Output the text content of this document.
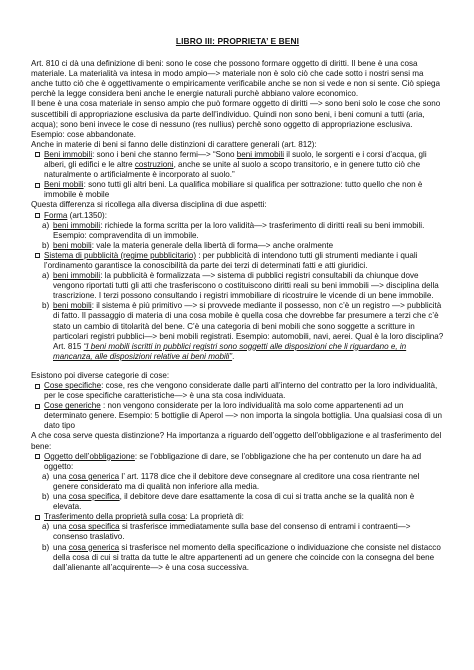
LIBRO III: PROPRIETA’ E BENI

Art. 810 ci dà una definizione di beni: sono le cose che possono formare oggetto di diritti. Il bene è una cosa materiale. La materialità va intesa in modo ampio—> materiale non è solo ciò che cade sotto i nostri sensi ma anche tutto ciò che è oggettivamente o empiricamente verificabile anche se non si vede e non si sente. Ciò spiega perchè la legge considera beni anche le energie naturali purchè abbiano valore economico.

Il bene è una cosa materiale in senso ampio che può formare oggetto di diritti —> sono beni solo le cose che sono suscettibili di appropriazione esclusiva da parte dell’individuo. Quindi non sono beni, i beni comuni a tutti (aria, acqua); sono beni invece le cose di nessuno (res nullius) perchè sono oggetto di appropriazione esclusiva. Esempio: cose abbandonate.

Anche in materie di beni si fanno delle distinzioni di carattere generali (art. 812):

Beni immobili: sono i beni che stanno fermi—> “Sono beni immobili il suolo, le sorgenti e i corsi d’acqua, gli alberi, gli edifici e le altre costruzioni, anche se unite al suolo a scopo transitorio, e in genere tutto ciò che naturalmente o artificialmente è incorporato al suolo.”
Beni mobili: sono tutti gli altri beni. La qualifica mobiliare si qualifica per sottrazione: tutto quello che non è immobile è mobile

Questa differenza si ricollega alla diversa disciplina di due aspetti:

Forma (art.1350):
a) beni immobili: richiede la forma scritta per la loro validità—> trasferimento di diritti reali su beni immobili. Esempio: compravendita di un immobile.
b) beni mobili: vale la materia generale della libertà di forma—> anche oralmente
Sistema di pubblicità (regime pubblicitario) : per pubblicità di intendono tutti gli strumenti mediante i quali l’ordinamento garantisce la conoscibilità da parte dei terzi di determinati fatti e atti giuridici.
a) beni immobili: la pubblicità è formalizzata —> sistema di pubblici registri consultabili da chiunque dove vengono riportati tutti gli atti che trasferiscono o costituiscono diritti reali su beni immobili —> disciplina della trascrizione. I terzi possono consultando i registri immobiliare di ricostruire le vicende di un bene immobile.
b) beni mobili: il sistema è più primitivo —> si provvede mediante il possesso, non c’è un registro —> pubblicità di fatto. Il passaggio di materia di una cosa mobile è quella cosa che dovrebbe far presumere a terzi che c’è stato un cambio di titolarità del bene. C’è una categoria di beni mobili che sono soggette a scritture in particolari registri pubblici—> beni mobili registrati. Esempio: automobili, navi, aerei. Qual è la loro disciplina? Art. 815 “I beni mobili iscritti in pubblici registri sono soggetti alle disposizioni che li riguardano e, in mancanza, alle disposizioni relative ai beni mobili”.

Esistono poi diverse categorie di cose:

Cose specifiche: cose, res che vengono considerate dalle parti all’interno del contratto per la loro individualità, per le cose specifiche caratteristiche—> è una sta cosa individuata.
Cose generiche : non vengono considerate per la loro individualità ma solo come appartenenti ad un determinato genere. Esempio: 5 bottiglie di Aperol —> non importa la singola bottiglia. Una qualsiasi cosa di un dato tipo

A che cosa serve questa distinzione? Ha importanza a riguardo dell’oggetto dell’obbligazione e al trasferimento del bene:

Oggetto dell’obbligazione: se l’obbligazione di dare, se l’obbligazione che ha per contenuto un dare ha ad oggetto:
a) una cosa generica l’ art. 1178 dice che il debitore deve consegnare al creditore una cosa rientrante nel genere considerato ma di qualità non inferiore alla media.
b) una cosa specifica, il debitore deve dare esattamente la cosa di cui si tratta anche se la qualità non è elevata.
Trasferimento della proprietà sulla cosa: La proprietà di:
a) una cosa specifica si trasferisce immediatamente sulla base del consenso di entrami i contraenti—> consenso traslativo.
b) una cosa generica si trasferisce nel momento della specificazione o individuazione che consiste nel distacco della cosa di cui si tratta da tutte le altre appartenenti ad un genere che coincide con la consegna del bene dall’alienante all’acquirente—> è una cosa successiva.
